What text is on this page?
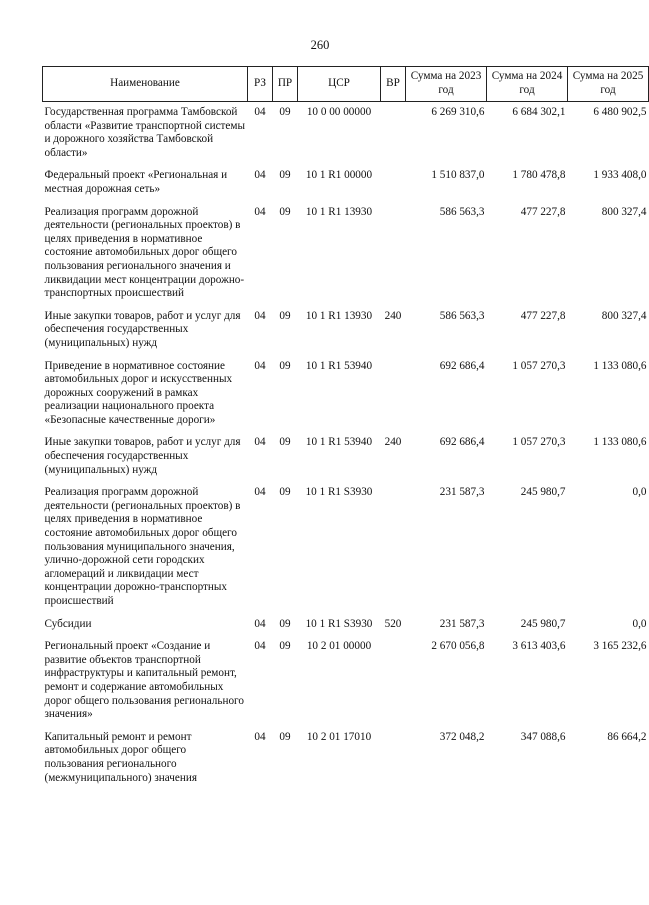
260
Наименование	РЗ	ПР	ЦСР	ВР	Сумма на 2023 год	Сумма на 2024 год	Сумма на 2025 год
Государственная программа Тамбовской области «Развитие транспортной системы и дорожного хозяйства Тамбовской области»	04	09	10 0 00 00000		6 269 310,6	6 684 302,1	6 480 902,5
Федеральный проект «Региональная и местная дорожная сеть»	04	09	10 1 R1 00000		1 510 837,0	1 780 478,8	1 933 408,0
Реализация программ дорожной деятельности (региональных проектов) в целях приведения в нормативное состояние автомобильных дорог общего пользования регионального значения и ликвидации мест концентрации дорожно-транспортных происшествий	04	09	10 1 R1 13930		586 563,3	477 227,8	800 327,4
Иные закупки товаров, работ и услуг для обеспечения государственных (муниципальных) нужд	04	09	10 1 R1 13930	240	586 563,3	477 227,8	800 327,4
Приведение в нормативное состояние автомобильных дорог и искусственных дорожных сооружений в рамках реализации национального проекта «Безопасные качественные дороги»	04	09	10 1 R1 53940		692 686,4	1 057 270,3	1 133 080,6
Иные закупки товаров, работ и услуг для обеспечения государственных (муниципальных) нужд	04	09	10 1 R1 53940	240	692 686,4	1 057 270,3	1 133 080,6
Реализация программ дорожной деятельности (региональных проектов) в целях приведения в нормативное состояние автомобильных дорог общего пользования муниципального значения, улично-дорожной сети городских агломераций и ликвидации мест концентрации дорожно-транспортных происшествий	04	09	10 1 R1 S3930		231 587,3	245 980,7	0,0
Субсидии	04	09	10 1 R1 S3930	520	231 587,3	245 980,7	0,0
Региональный проект «Создание и развитие объектов транспортной инфраструктуры и капитальный ремонт, ремонт и содержание автомобильных дорог общего пользования регионального значения»	04	09	10 2 01 00000		2 670 056,8	3 613 403,6	3 165 232,6
Капитальный ремонт и ремонт автомобильных дорог общего пользования регионального (межмуниципального) значения	04	09	10 2 01 17010		372 048,2	347 088,6	86 664,2
